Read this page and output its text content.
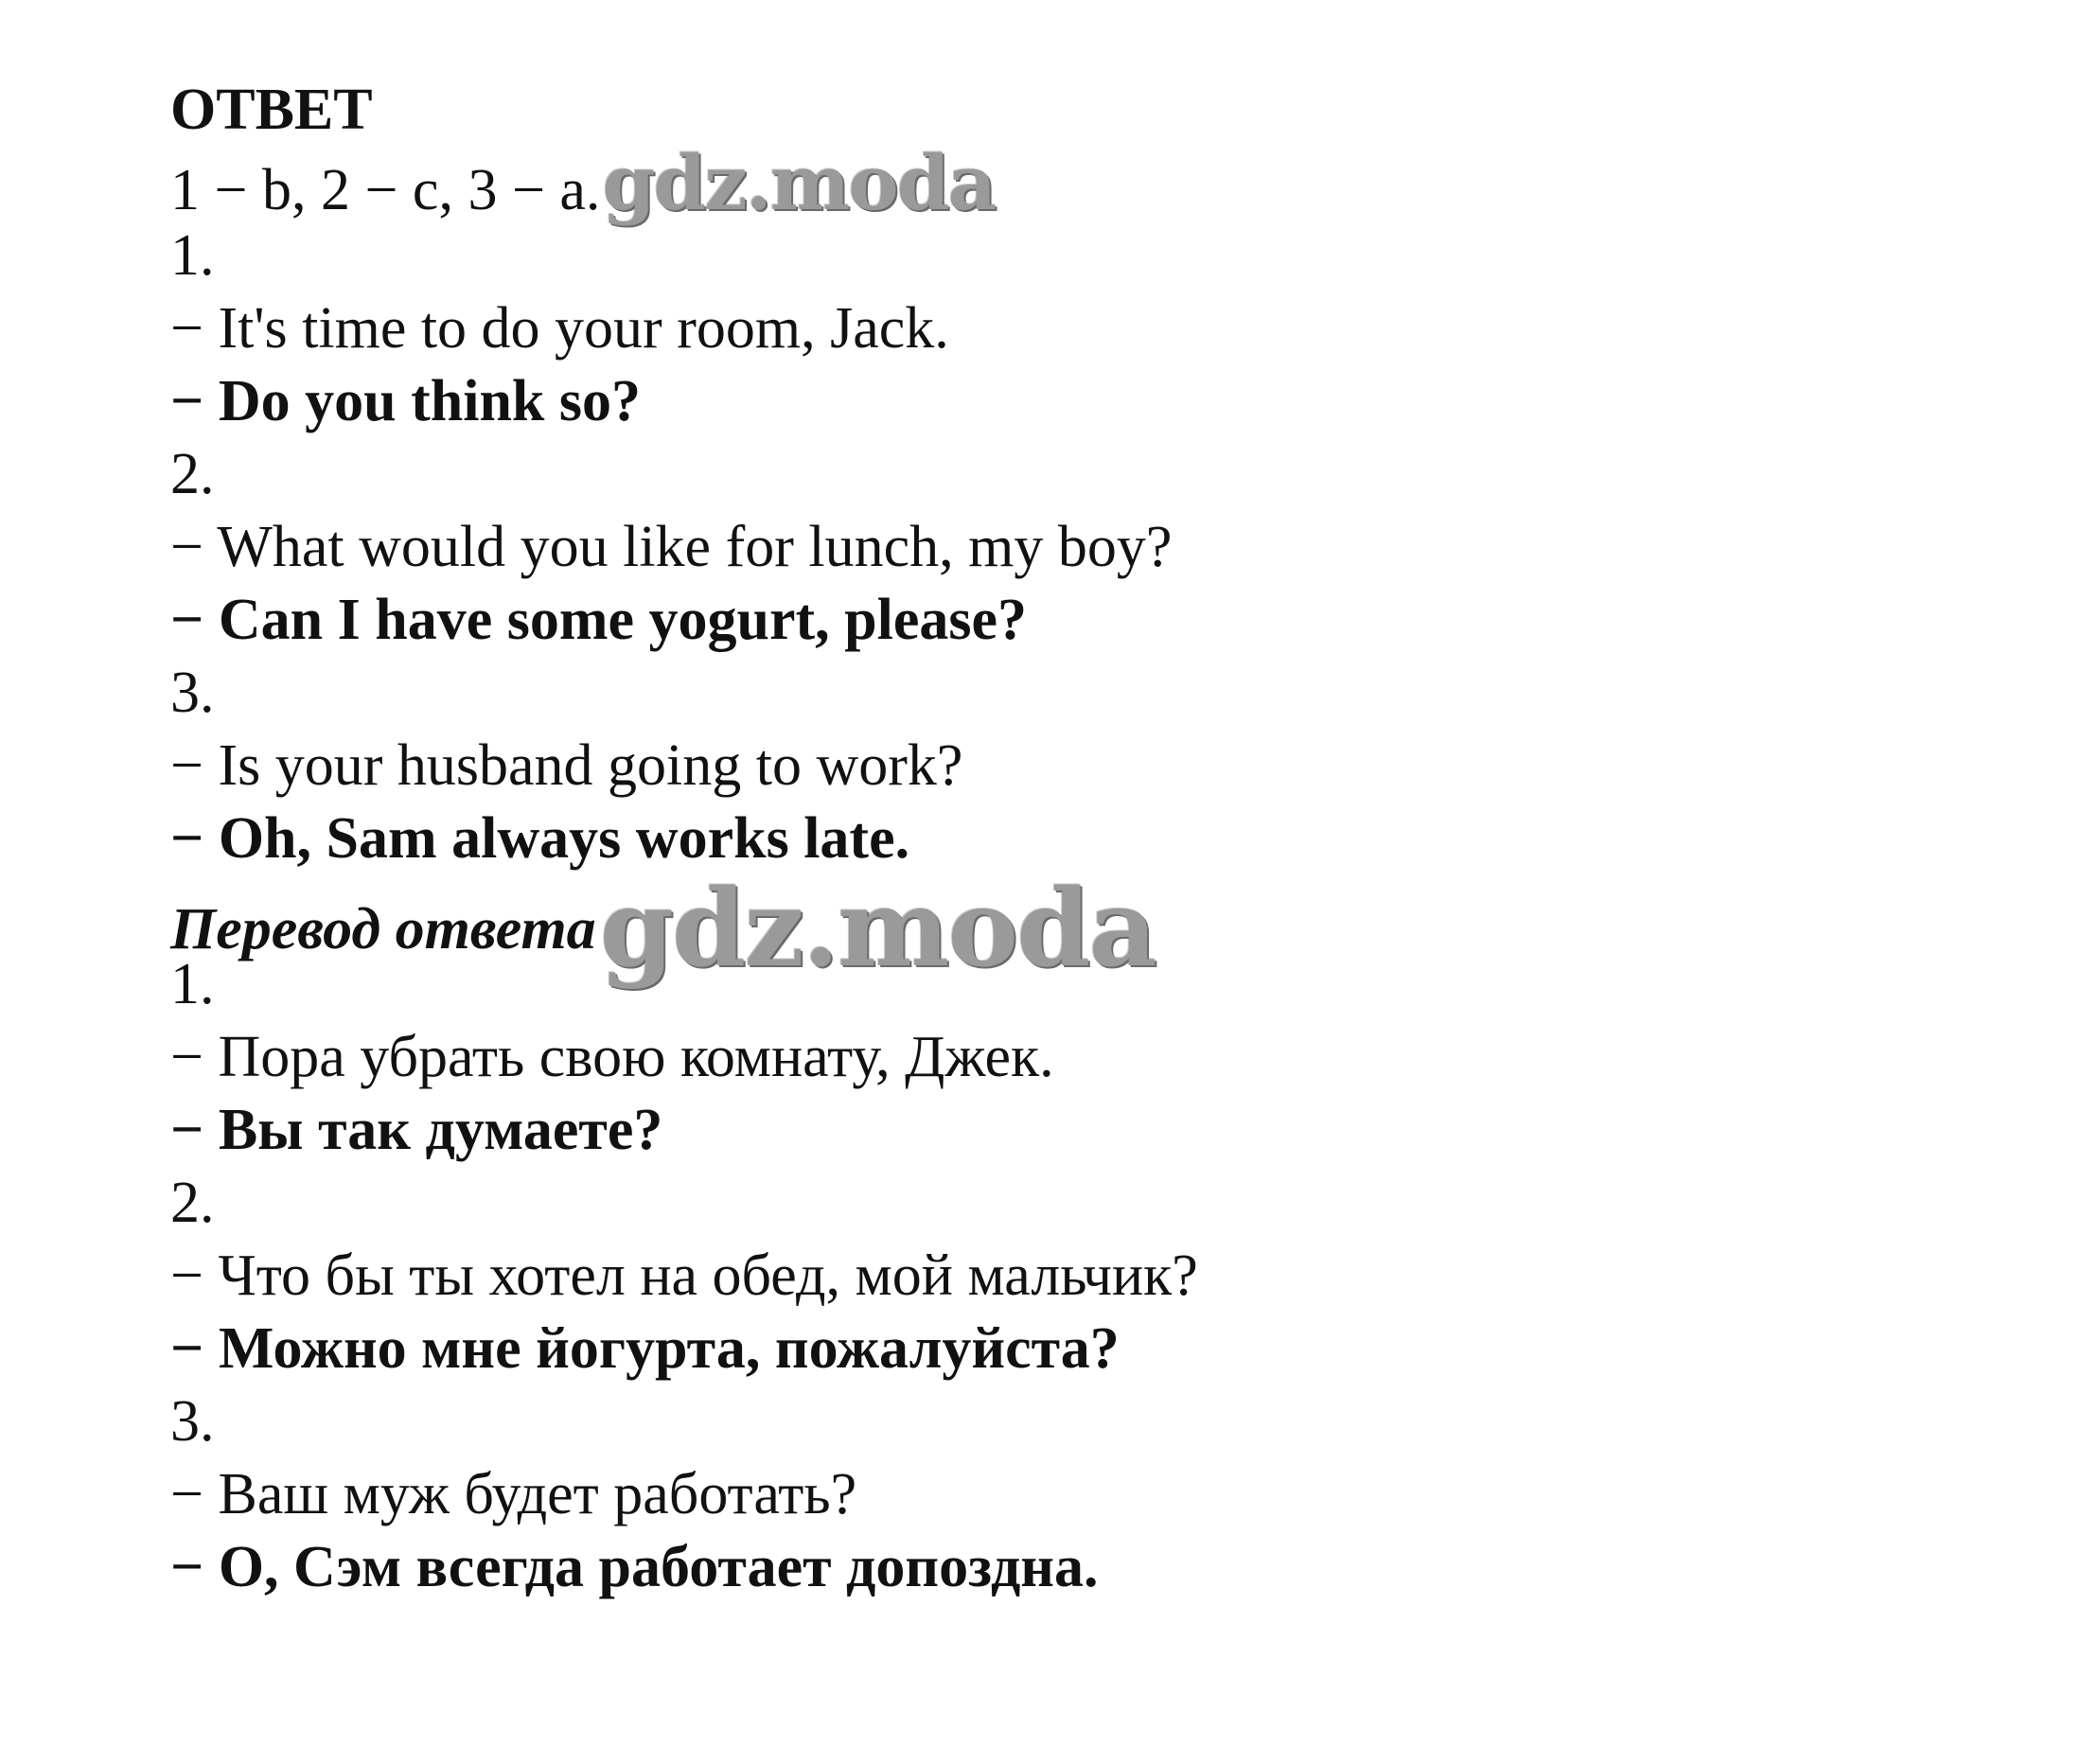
ОТВЕТ
1 − b, 2 − c, 3 − a.gdz.moda
1.
− It's time to do your room, Jack.
− Do you think so?
2.
− What would you like for lunch, my boy?
− Can I have some yogurt, please?
3.
− Is your husband going to work?
− Oh, Sam always works late.
Перевод ответаgdz.moda
1.
− Пора убрать свою комнату, Джек.
− Вы так думаете?
2.
− Что бы ты хотел на обед, мой мальчик?
− Можно мне йогурта, пожалуйста?
3.
− Ваш муж будет работать?
− О, Сэм всегда работает допоздна.
